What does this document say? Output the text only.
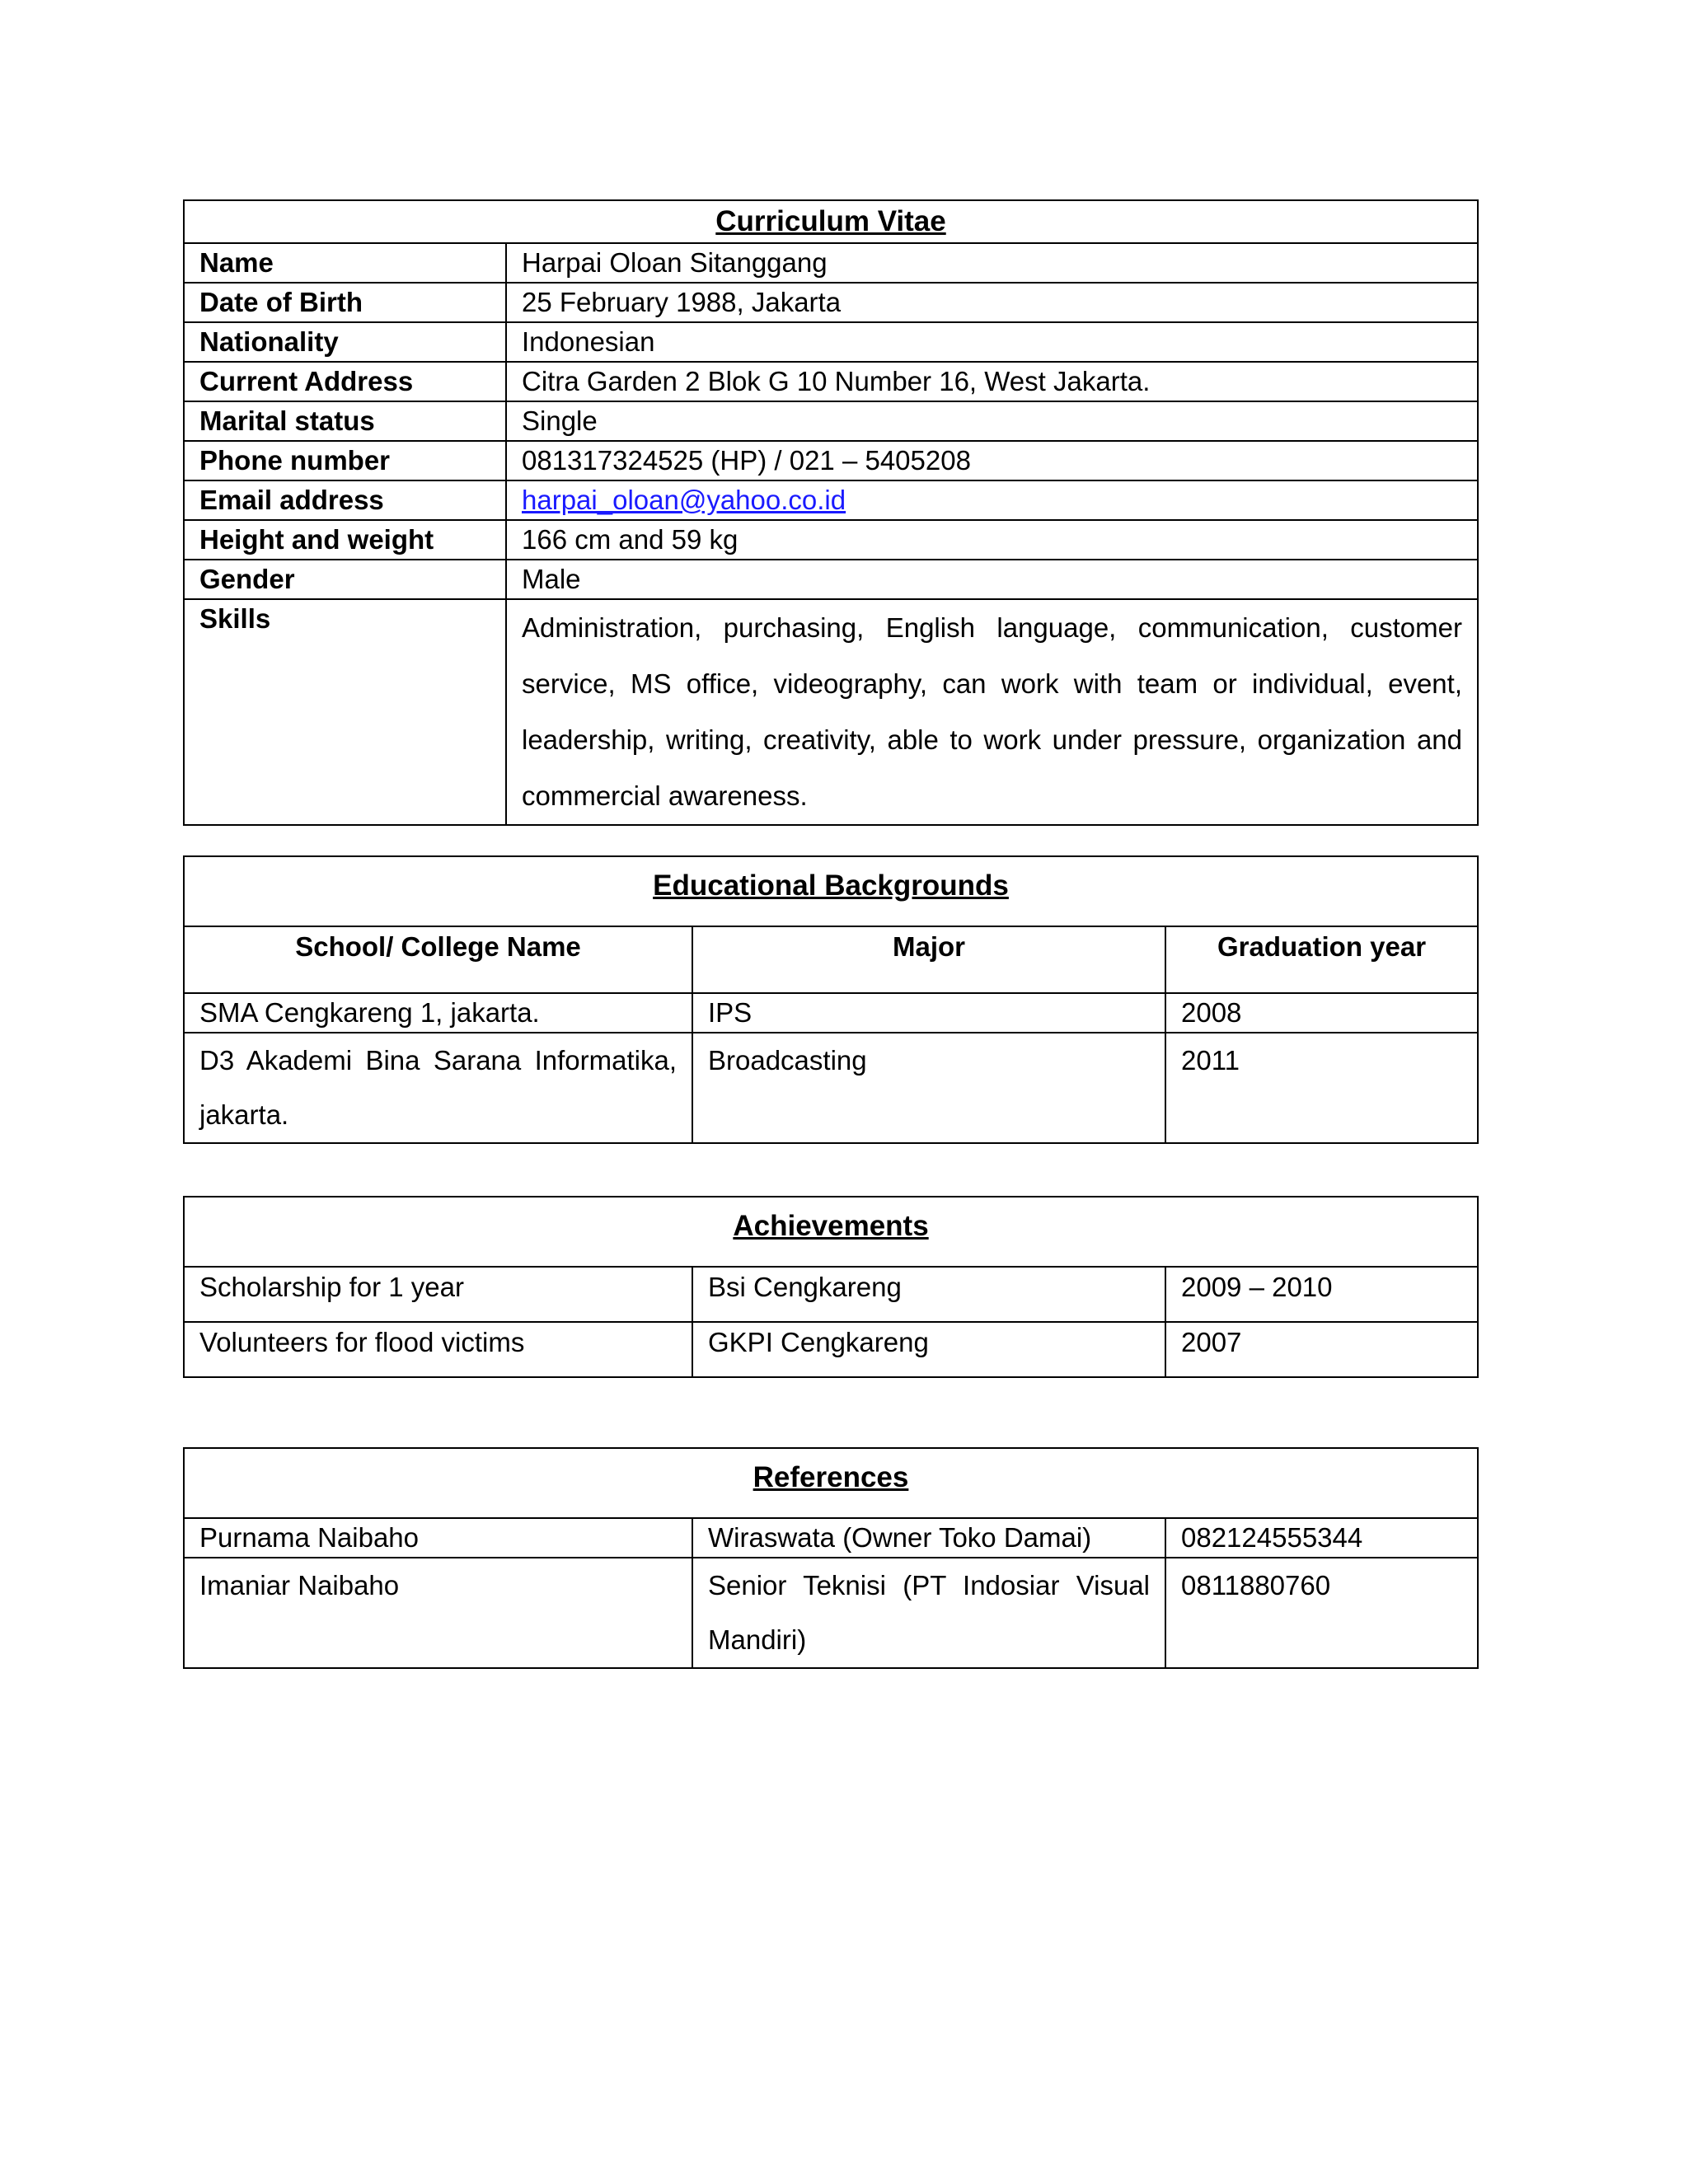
Curriculum Vitae	
Name	Harpai Oloan Sitanggang
Date of Birth	25 February 1988, Jakarta
Nationality	Indonesian
Current Address	Citra Garden 2 Blok G 10 Number 16, West Jakarta.
Marital status	Single
Phone number	081317324525 (HP) / 021 – 5405208
Email address	harpai_oloan@yahoo.co.id
Height and weight	166 cm and 59 kg
Gender	Male
Skills	Administration, purchasing, English language, communication, customer service, MS office, videography, can work with team or individual, event, leadership, writing, creativity, able to work under pressure, organization and commercial awareness.
Educational Backgrounds		
School/ College Name	Major	Graduation year
SMA Cengkareng 1, jakarta.	IPS	2008
D3 Akademi Bina Sarana Informatika, jakarta.	Broadcasting	2011
Achievements		
Scholarship for 1 year	Bsi Cengkareng	2009 – 2010
Volunteers for flood victims	GKPI Cengkareng	2007
References		
Purnama Naibaho	Wiraswata (Owner Toko Damai)	082124555344
Imaniar Naibaho	Senior Teknisi (PT Indosiar Visual Mandiri)	0811880760
